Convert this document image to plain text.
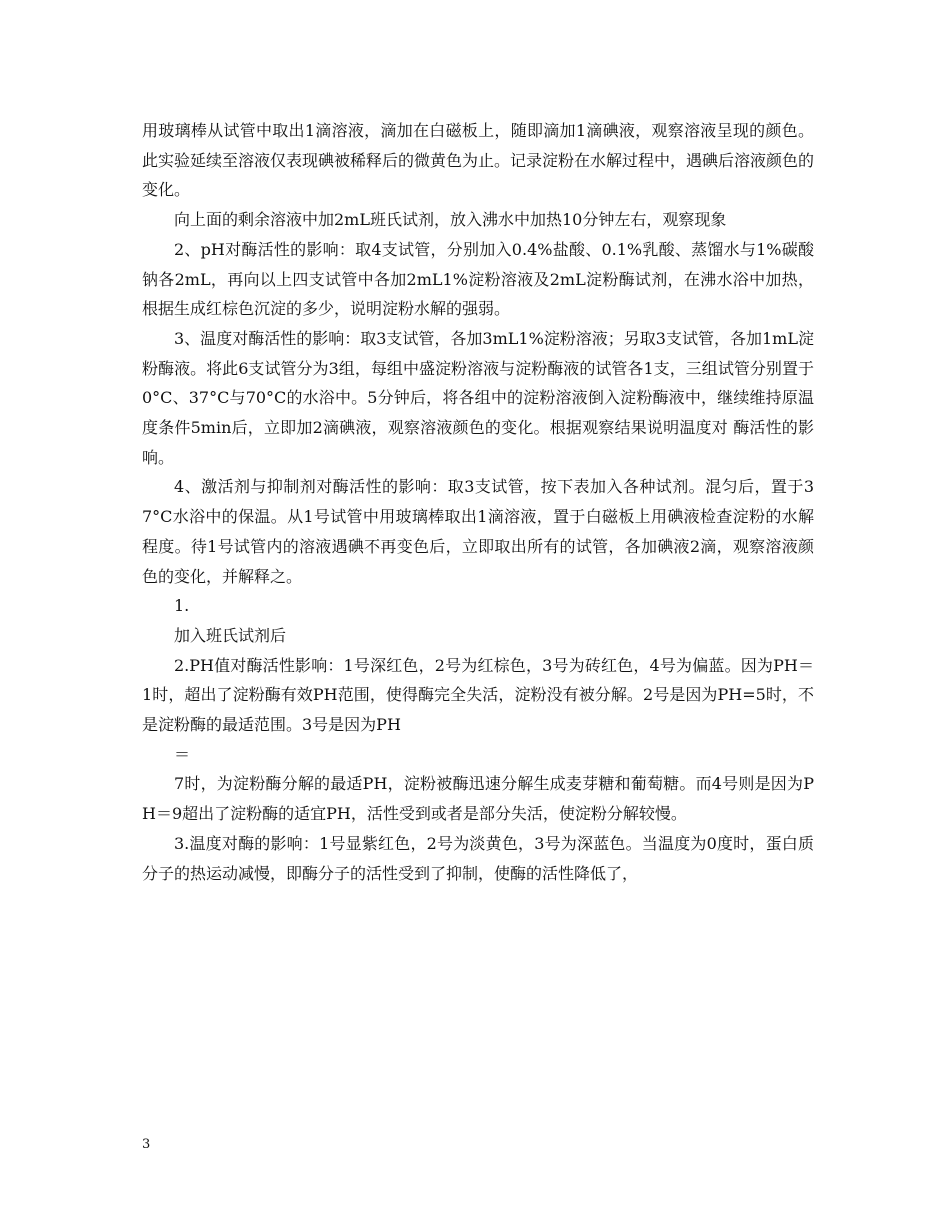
用玻璃棒从试管中取出1滴溶液，滴加在白磁板上，随即滴加1滴碘液，观察溶液呈现的颜色。此实验延续至溶液仅表现碘被稀释后的微黄色为止。记录淀粉在水解过程中，遇碘后溶液颜色的变化。

向上面的剩余溶液中加2mL班氏试剂，放入沸水中加热10分钟左右，观察现象

2、pH对酶活性的影响：取4支试管，分别加入0.4%盐酸、0.1%乳酸、蒸馏水与1%碳酸钠各2mL，再向以上四支试管中各加2mL1%淀粉溶液及2mL淀粉酶试剂，在沸水浴中加热，根据生成红棕色沉淀的多少，说明淀粉水解的强弱。

3、温度对酶活性的影响：取3支试管，各加3mL1%淀粉溶液；另取3支试管，各加1mL淀粉酶液。将此6支试管分为3组，每组中盛淀粉溶液与淀粉酶液的试管各1支，三组试管分别置于0°C、37°C与70°C的水浴中。5分钟后，将各组中的淀粉溶液倒入淀粉酶液中，继续维持原温度条件5min后，立即加2滴碘液，观察溶液颜色的变化。根据观察结果说明温度对 酶活性的影响。

4、激活剂与抑制剂对酶活性的影响：取3支试管，按下表加入各种试剂。混匀后，置于37°C水浴中的保温。从1号试管中用玻璃棒取出1滴溶液，置于白磁板上用碘液检查淀粉的水解程度。待1号试管内的溶液遇碘不再变色后，立即取出所有的试管，各加碘液2滴，观察溶液颜色的变化，并解释之。

1.

加入班氏试剂后

2.PH值对酶活性影响：1号深红色，2号为红棕色，3号为砖红色，4号为偏蓝。因为PH＝1时，超出了淀粉酶有效PH范围，使得酶完全失活，淀粉没有被分解。2号是因为PH=5时，不是淀粉酶的最适范围。3号是因为PH

＝

7时，为淀粉酶分解的最适PH，淀粉被酶迅速分解生成麦芽糖和葡萄糖。而4号则是因为PH＝9超出了淀粉酶的适宜PH，活性受到或者是部分失活，使淀粉分解较慢。

3.温度对酶的影响：1号显紫红色，2号为淡黄色，3号为深蓝色。当温度为0度时，蛋白质分子的热运动减慢，即酶分子的活性受到了抑制，使酶的活性降低了，

3
